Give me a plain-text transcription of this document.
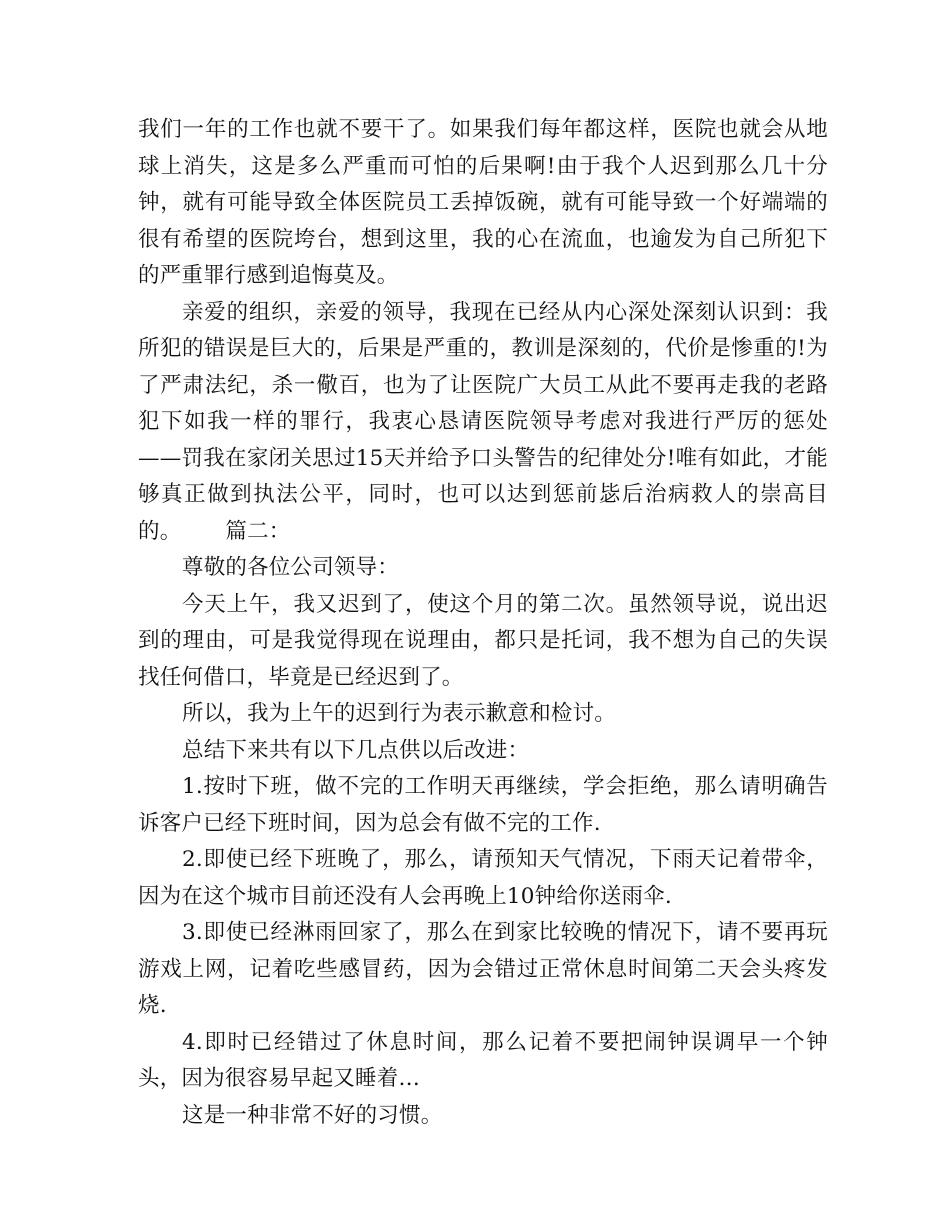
我们一年的工作也就不要干了。如果我们每年都这样，医院也就会从地球上消失，这是多么严重而可怕的后果啊!由于我个人迟到那么几十分钟，就有可能导致全体医院员工丢掉饭碗，就有可能导致一个好端端的很有希望的医院垮台，想到这里，我的心在流血，也逾发为自己所犯下的严重罪行感到追悔莫及。

亲爱的组织，亲爱的领导，我现在已经从内心深处深刻认识到：我所犯的错误是巨大的，后果是严重的，教训是深刻的，代价是惨重的!为了严肃法纪，杀一儆百，也为了让医院广大员工从此不要再走我的老路犯下如我一样的罪行，我衷心恳请医院领导考虑对我进行严厉的惩处——罚我在家闭关思过15天并给予口头警告的纪律处分!唯有如此，才能够真正做到执法公平，同时，也可以达到惩前毖后治病救人的崇高目的。 篇二：

尊敬的各位公司领导：

今天上午，我又迟到了，使这个月的第二次。虽然领导说，说出迟到的理由，可是我觉得现在说理由，都只是托词，我不想为自己的失误找任何借口，毕竟是已经迟到了。

所以，我为上午的迟到行为表示歉意和检讨。

总结下来共有以下几点供以后改进：

1.按时下班，做不完的工作明天再继续，学会拒绝，那么请明确告诉客户已经下班时间，因为总会有做不完的工作.

2.即使已经下班晚了，那么，请预知天气情况，下雨天记着带伞，因为在这个城市目前还没有人会再晚上10钟给你送雨伞.

3.即使已经淋雨回家了，那么在到家比较晚的情况下，请不要再玩游戏上网，记着吃些感冒药，因为会错过正常休息时间第二天会头疼发烧.

4.即时已经错过了休息时间，那么记着不要把闹钟误调早一个钟头，因为很容易早起又睡着…

这是一种非常不好的习惯。
